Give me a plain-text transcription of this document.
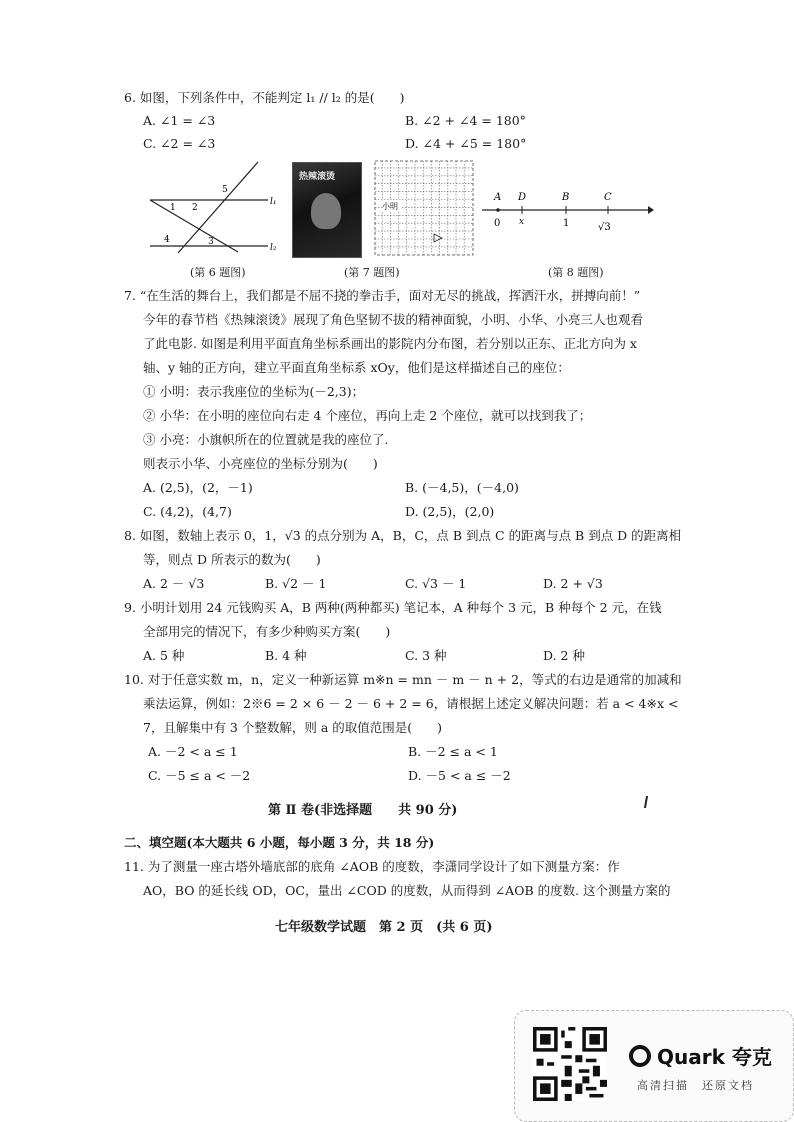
6. 如图，下列条件中，不能判定 l₁ // l₂ 的是(　　)
A. ∠1 = ∠3	B. ∠2 + ∠4 = 180°
C. ∠2 = ∠3	D. ∠4 + ∠5 = 180°
5
l₁
1 2
4	3
l₂
(第 6 题图)
热辣滚烫
小明
(第 7 题图)
A D	B	C
0 x	1	√3
(第 8 题图)
7. “在生活的舞台上，我们都是不屈不挠的拳击手，面对无尽的挑战，挥洒汗水，拼搏向前！”
今年的春节档《热辣滚烫》展现了角色坚韧不拔的精神面貌，小明、小华、小亮三人也观看
了此电影. 如图是利用平面直角坐标系画出的影院内分布图，若分别以正东、正北方向为 x
轴、y 轴的正方向，建立平面直角坐标系 xOy，他们是这样描述自己的座位：
① 小明：表示我座位的坐标为(－2,3)；
② 小华：在小明的座位向右走 4 个座位，再向上走 2 个座位，就可以找到我了；
③ 小亮：小旗帜所在的位置就是我的座位了.
则表示小华、小亮座位的坐标分别为(　　)
A. (2,5)，(2，－1)	B. (－4,5)，(－4,0)
C. (4,2)，(4,7)	D. (2,5)，(2,0)
8. 如图，数轴上表示 0，1，√3 的点分别为 A，B，C，点 B 到点 C 的距离与点 B 到点 D 的距离相
等，则点 D 所表示的数为(　　)
A. 2 － √3	B. √2 － 1	C. √3 － 1	D. 2 + √3
9. 小明计划用 24 元钱购买 A，B 两种(两种都买) 笔记本，A 种每个 3 元，B 种每个 2 元，在钱
全部用完的情况下，有多少种购买方案(　　)
A. 5 种	B. 4 种	C. 3 种	D. 2 种
10. 对于任意实数 m，n，定义一种新运算 m※n = mn － m － n + 2，等式的右边是通常的加减和
乘法运算，例如：2※6 = 2 × 6 － 2 － 6 + 2 = 6，请根据上述定义解决问题：若 a < 4※x <
7，且解集中有 3 个整数解，则 a 的取值范围是(　　)
A. －2 < a ≤ 1	B. －2 ≤ a < 1
C. －5 ≤ a < －2	D. －5 < a ≤ －2
第 Ⅱ 卷(非选择题　　共 90 分)
二、填空题(本大题共 6 小题，每小题 3 分，共 18 分)
11. 为了测量一座古塔外墙底部的底角 ∠AOB 的度数，李潇同学设计了如下测量方案：作
AO，BO 的延长线 OD，OC，量出 ∠COD 的度数，从而得到 ∠AOB 的度数. 这个测量方案的
七年级数学试题　第 2 页　(共 6 页)
Quark 夸克
高清扫描　还原文档
